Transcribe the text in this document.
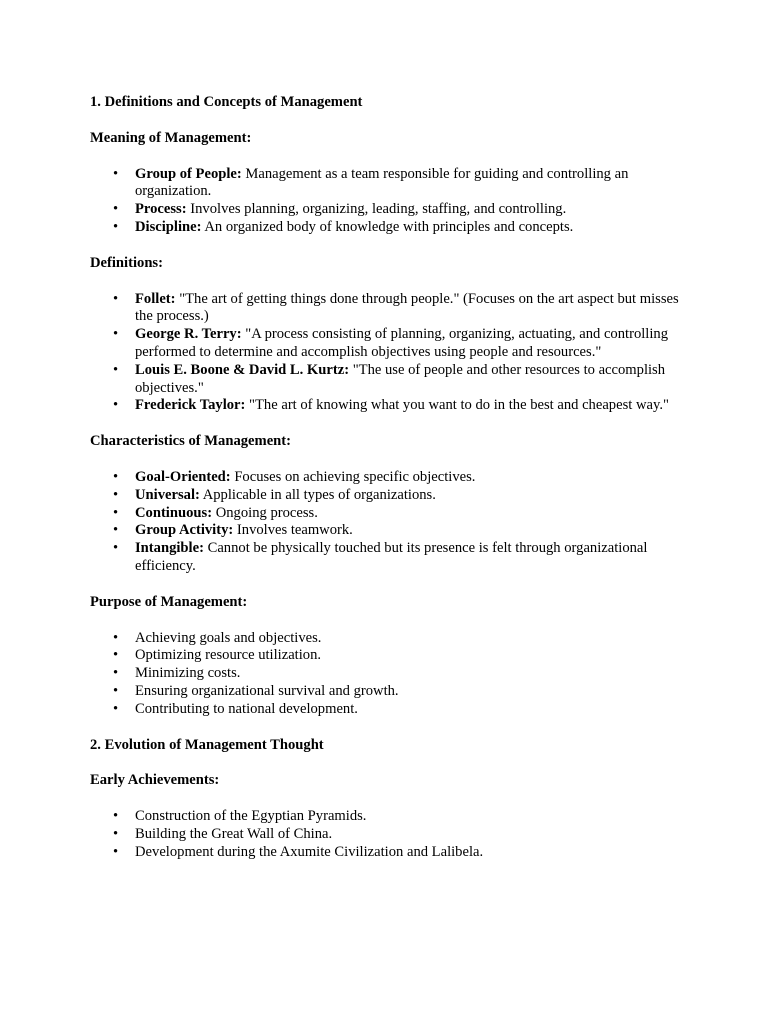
1. Definitions and Concepts of Management
Meaning of Management:
• Group of People: Management as a team responsible for guiding and controlling an organization.
• Process: Involves planning, organizing, leading, staffing, and controlling.
• Discipline: An organized body of knowledge with principles and concepts.
Definitions:
• Follet: "The art of getting things done through people." (Focuses on the art aspect but misses the process.)
• George R. Terry: "A process consisting of planning, organizing, actuating, and controlling performed to determine and accomplish objectives using people and resources."
• Louis E. Boone & David L. Kurtz: "The use of people and other resources to accomplish objectives."
• Frederick Taylor: "The art of knowing what you want to do in the best and cheapest way."
Characteristics of Management:
• Goal-Oriented: Focuses on achieving specific objectives.
• Universal: Applicable in all types of organizations.
• Continuous: Ongoing process.
• Group Activity: Involves teamwork.
• Intangible: Cannot be physically touched but its presence is felt through organizational efficiency.
Purpose of Management:
• Achieving goals and objectives.
• Optimizing resource utilization.
• Minimizing costs.
• Ensuring organizational survival and growth.
• Contributing to national development.
2. Evolution of Management Thought
Early Achievements:
• Construction of the Egyptian Pyramids.
• Building the Great Wall of China.
• Development during the Axumite Civilization and Lalibela.
